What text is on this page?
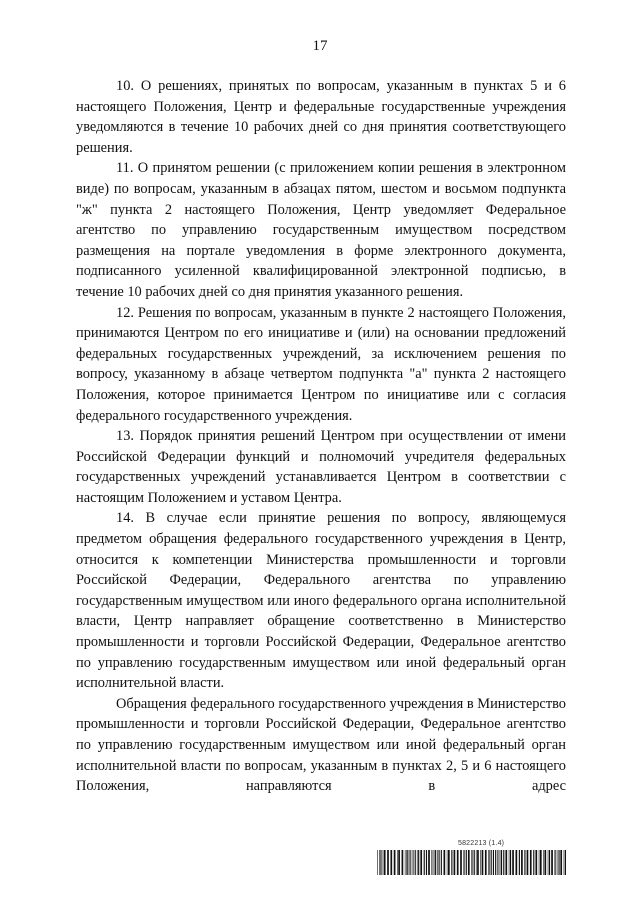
17

10. О решениях, принятых по вопросам, указанным в пунктах 5 и 6 настоящего Положения, Центр и федеральные государственные учреждения уведомляются в течение 10 рабочих дней со дня принятия соответствующего решения.

11. О принятом решении (с приложением копии решения в электронном виде) по вопросам, указанным в абзацах пятом, шестом и восьмом подпункта "ж" пункта 2 настоящего Положения, Центр уведомляет Федеральное агентство по управлению государственным имуществом посредством размещения на портале уведомления в форме электронного документа, подписанного усиленной квалифицированной электронной подписью, в течение 10 рабочих дней со дня принятия указанного решения.

12. Решения по вопросам, указанным в пункте 2 настоящего Положения, принимаются Центром по его инициативе и (или) на основании предложений федеральных государственных учреждений, за исключением решения по вопросу, указанному в абзаце четвертом подпункта "а" пункта 2 настоящего Положения, которое принимается Центром по инициативе или с согласия федерального государственного учреждения.

13. Порядок принятия решений Центром при осуществлении от имени Российской Федерации функций и полномочий учредителя федеральных государственных учреждений устанавливается Центром в соответствии с настоящим Положением и уставом Центра.

14. В случае если принятие решения по вопросу, являющемуся предметом обращения федерального государственного учреждения в Центр, относится к компетенции Министерства промышленности и торговли Российской Федерации, Федерального агентства по управлению государственным имуществом или иного федерального органа исполнительной власти, Центр направляет обращение соответственно в Министерство промышленности и торговли Российской Федерации, Федеральное агентство по управлению государственным имуществом или иной федеральный орган исполнительной власти.

Обращения федерального государственного учреждения в Министерство промышленности и торговли Российской Федерации, Федеральное агентство по управлению государственным имуществом или иной федеральный орган исполнительной власти по вопросам, указанным в пунктах 2, 5 и 6 настоящего Положения, направляются в адрес

5822213 (1.4)
